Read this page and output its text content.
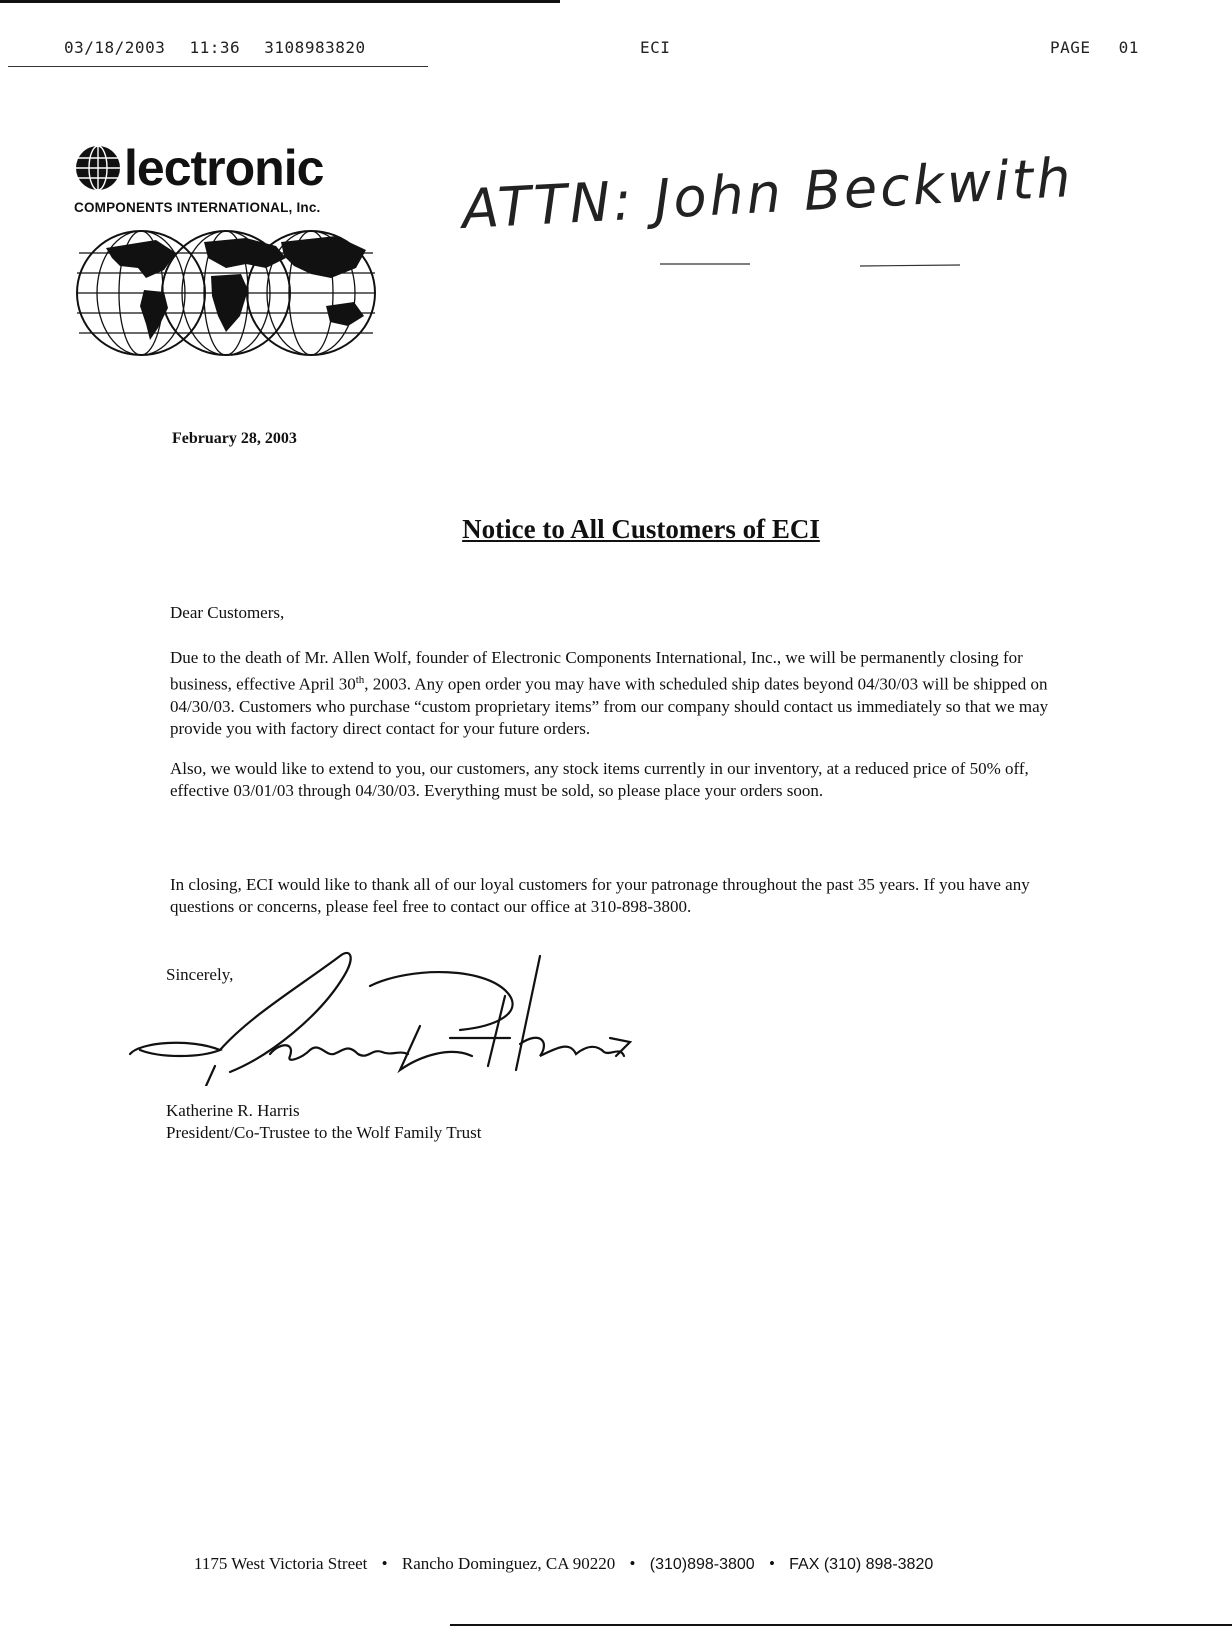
03/18/2003 11:36 3108983820	ECI	PAGE 01
lectronic
COMPONENTS INTERNATIONAL, Inc.	ATTN: John Beckwith
February 28, 2003
Notice to All Customers of ECI
Dear Customers,

Due to the death of Mr. Allen Wolf, founder of Electronic Components International, Inc., we will be permanently closing for business, effective April 30th, 2003. Any open order you may have with scheduled ship dates beyond 04/30/03 will be shipped on 04/30/03. Customers who purchase “custom proprietary items” from our company should contact us immediately so that we may provide you with factory direct contact for your future orders.

Also, we would like to extend to you, our customers, any stock items currently in our inventory, at a reduced price of 50% off, effective 03/01/03 through 04/30/03. Everything must be sold, so please place your orders soon.

In closing, ECI would like to thank all of our loyal customers for your patronage throughout the past 35 years. If you have any questions or concerns, please feel free to contact our office at 310-898-3800.

Sincerely,
Katherine R. Harris
President/Co-Trustee to the Wolf Family Trust
1175 West Victoria Street • Rancho Dominguez, CA 90220 • (310)898-3800 • FAX (310) 898-3820
